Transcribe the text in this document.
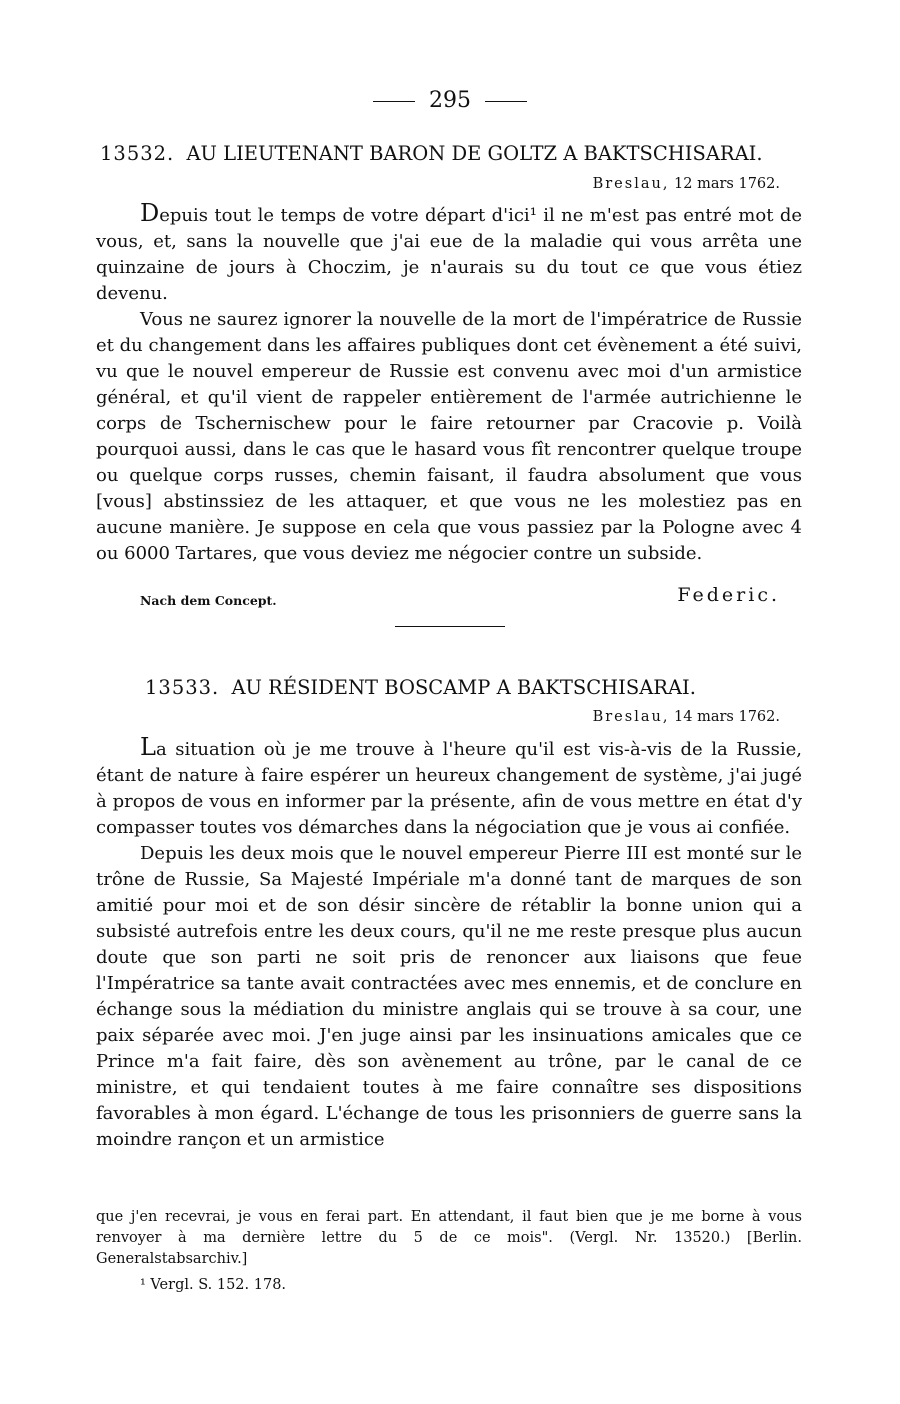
295
13532. AU LIEUTENANT BARON DE GOLTZ A BAKTSCHISARAI.
Breslau, 12 mars 1762.

Depuis tout le temps de votre départ d'ici¹ il ne m'est pas entré mot de vous, et, sans la nouvelle que j'ai eue de la maladie qui vous arrêta une quinzaine de jours à Choczim, je n'aurais su du tout ce que vous étiez devenu.

Vous ne saurez ignorer la nouvelle de la mort de l'impératrice de Russie et du changement dans les affaires publiques dont cet évènement a été suivi, vu que le nouvel empereur de Russie est convenu avec moi d'un armistice général, et qu'il vient de rappeler entièrement de l'armée autrichienne le corps de Tschernischew pour le faire retourner par Cracovie p. Voilà pourquoi aussi, dans le cas que le hasard vous fît rencontrer quelque troupe ou quelque corps russes, chemin faisant, il faudra absolument que vous [vous] abstinssiez de les attaquer, et que vous ne les molestiez pas en aucune manière. Je suppose en cela que vous passiez par la Pologne avec 4 ou 6000 Tartares, que vous deviez me négocier contre un subside.

Nach dem Concept.	Federic.
13533. AU RÉSIDENT BOSCAMP A BAKTSCHISARAI.
Breslau, 14 mars 1762.

La situation où je me trouve à l'heure qu'il est vis-à-vis de la Russie, étant de nature à faire espérer un heureux changement de système, j'ai jugé à propos de vous en informer par la présente, afin de vous mettre en état d'y compasser toutes vos démarches dans la négociation que je vous ai confiée.

Depuis les deux mois que le nouvel empereur Pierre III est monté sur le trône de Russie, Sa Majesté Impériale m'a donné tant de marques de son amitié pour moi et de son désir sincère de rétablir la bonne union qui a subsisté autrefois entre les deux cours, qu'il ne me reste presque plus aucun doute que son parti ne soit pris de renoncer aux liaisons que feue l'Impératrice sa tante avait contractées avec mes ennemis, et de conclure en échange sous la médiation du ministre anglais qui se trouve à sa cour, une paix séparée avec moi. J'en juge ainsi par les insinuations amicales que ce Prince m'a fait faire, dès son avènement au trône, par le canal de ce ministre, et qui tendaient toutes à me faire connaître ses dispositions favorables à mon égard. L'échange de tous les prisonniers de guerre sans la moindre rançon et un armistice

que j'en recevrai, je vous en ferai part. En attendant, il faut bien que je me borne à vous renvoyer à ma dernière lettre du 5 de ce mois". (Vergl. Nr. 13520.) [Berlin. Generalstabsarchiv.]
¹ Vergl. S. 152. 178.
